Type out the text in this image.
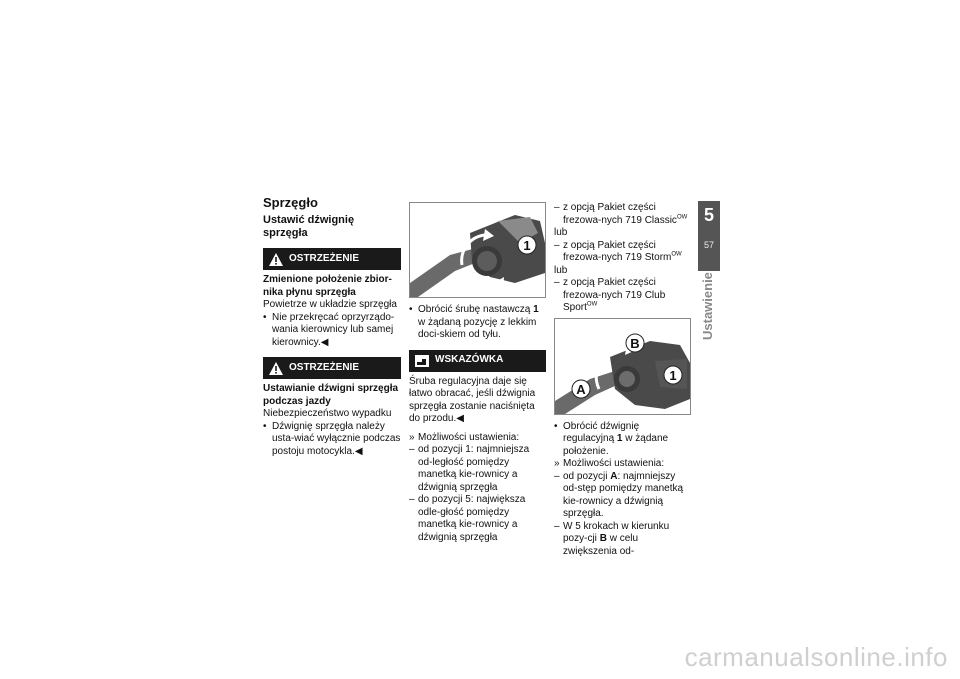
Sprzęgło
Ustawić dźwignię sprzęgła
OSTRZEŻENIE

Zmienione położenie zbior-nika płynu sprzęgła

Powietrze w układzie sprzęgła

• Nie przekręcać oprzyrządo-wania kierownicy lub samej kierownicy.◀
OSTRZEŻENIE

Ustawianie dźwigni sprzęgła podczas jazdy

Niebezpieczeństwo wypadku

• Dźwignię sprzęgła należy usta-wiać wyłącznie podczas postoju motocykla.◀
1
• Obrócić śrubę nastawczą 1 w żądaną pozycję z lekkim doci-skiem od tyłu.
WSKAZÓWKA

Śruba regulacyjna daje się łatwo obracać, jeśli dźwignia sprzęgła zostanie naciśnięta do przodu.◀

» Możliwości ustawienia:
– od pozycji 1: najmniejsza od-ległość pomiędzy manetką kie-rownicy a dźwignią sprzęgła
– do pozycji 5: największa odle-głość pomiędzy manetką kie-rownicy a dźwignią sprzęgła
– z opcją Pakiet części frezowa-nych 719 Classic$^{OW}$

lub

– z opcją Pakiet części frezowa-nych 719 Storm$^{OW}$

lub

– z opcją Pakiet części frezowa-nych 719 Club Sport$^{OW}$
B
A
1
• Obrócić dźwignię regulacyjną 1 w żądane położenie.
» Możliwości ustawienia:
– od pozycji A: najmniejszy od-stęp pomiędzy manetką kie-rownicy a dźwignią sprzęgła.
– W 5 krokach w kierunku pozy-cji B w celu zwiększenia od-
5
57
Ustawienie
carmanualsonline.info
